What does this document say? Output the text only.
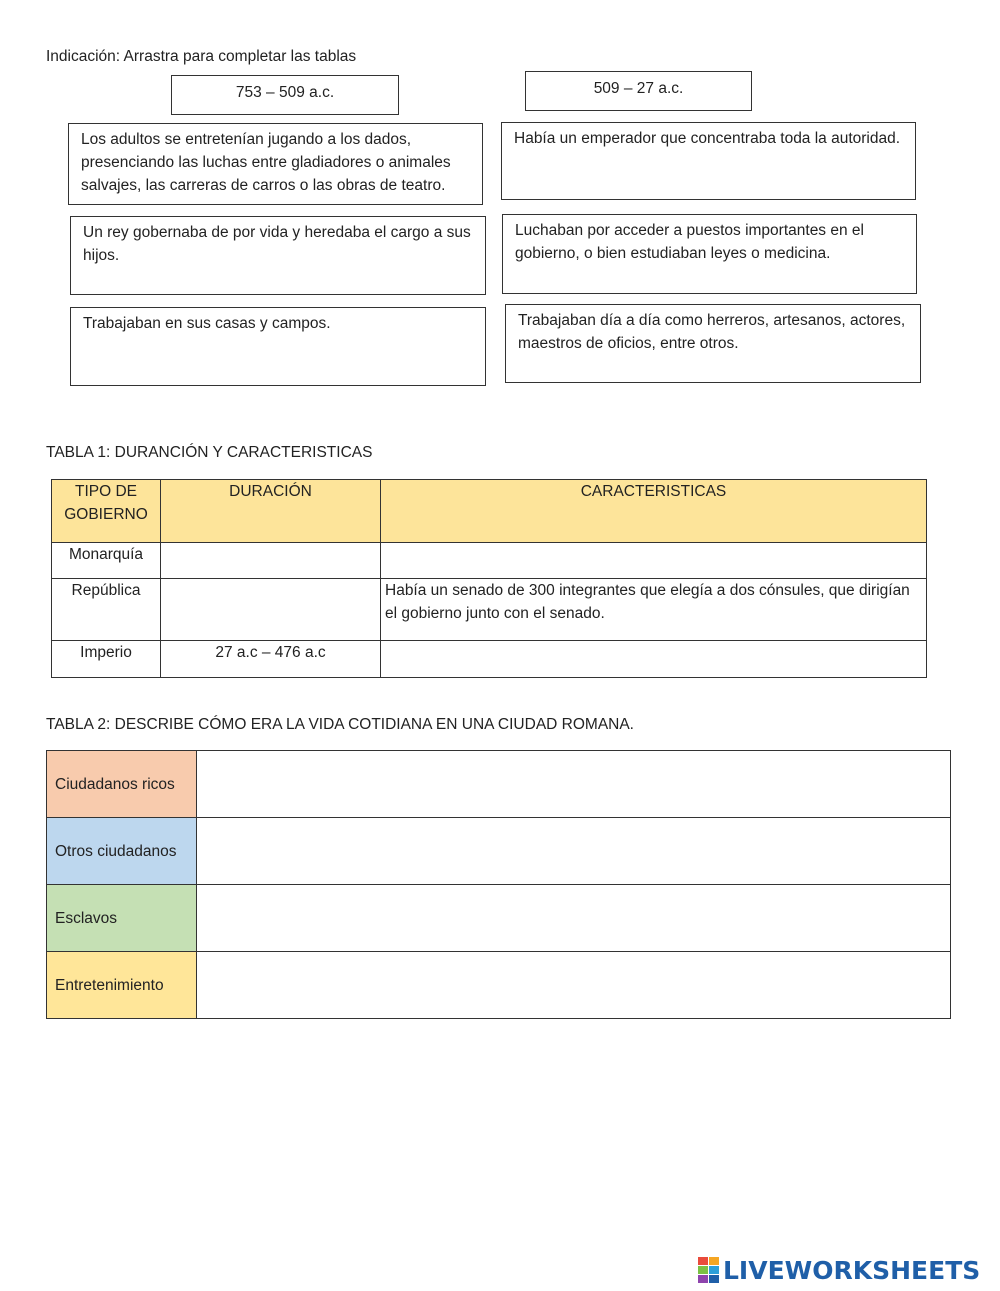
Indicación: Arrastra para completar las tablas
753 – 509 a.c.	509 – 27 a.c.
Los adultos se entretenían jugando a los dados, presenciando las luchas entre gladiadores o animales salvajes, las carreras de carros o las obras de teatro.
Había un emperador que concentraba toda la autoridad.
Un rey gobernaba de por vida y heredaba el cargo a sus hijos.
Luchaban por acceder a puestos importantes en el gobierno, o bien estudiaban leyes o medicina.
Trabajaban en sus casas y campos.	Trabajaban día a día como herreros, artesanos, actores, maestros de oficios, entre otros.
TABLA 1: DURANCIÓN Y CARACTERISTICAS
TIPO DE GOBIERNO	DURACIÓN	CARACTERISTICAS
Monarquía		
República		Había un senado de 300 integrantes que elegía a dos cónsules, que dirigían el gobierno junto con el senado.
Imperio	27 a.c – 476 a.c	
TABLA 2: DESCRIBE CÓMO ERA LA VIDA COTIDIANA EN UNA CIUDAD ROMANA.
Ciudadanos ricos	
Otros ciudadanos	
Esclavos	
Entretenimiento	
LIVEWORKSHEETS
